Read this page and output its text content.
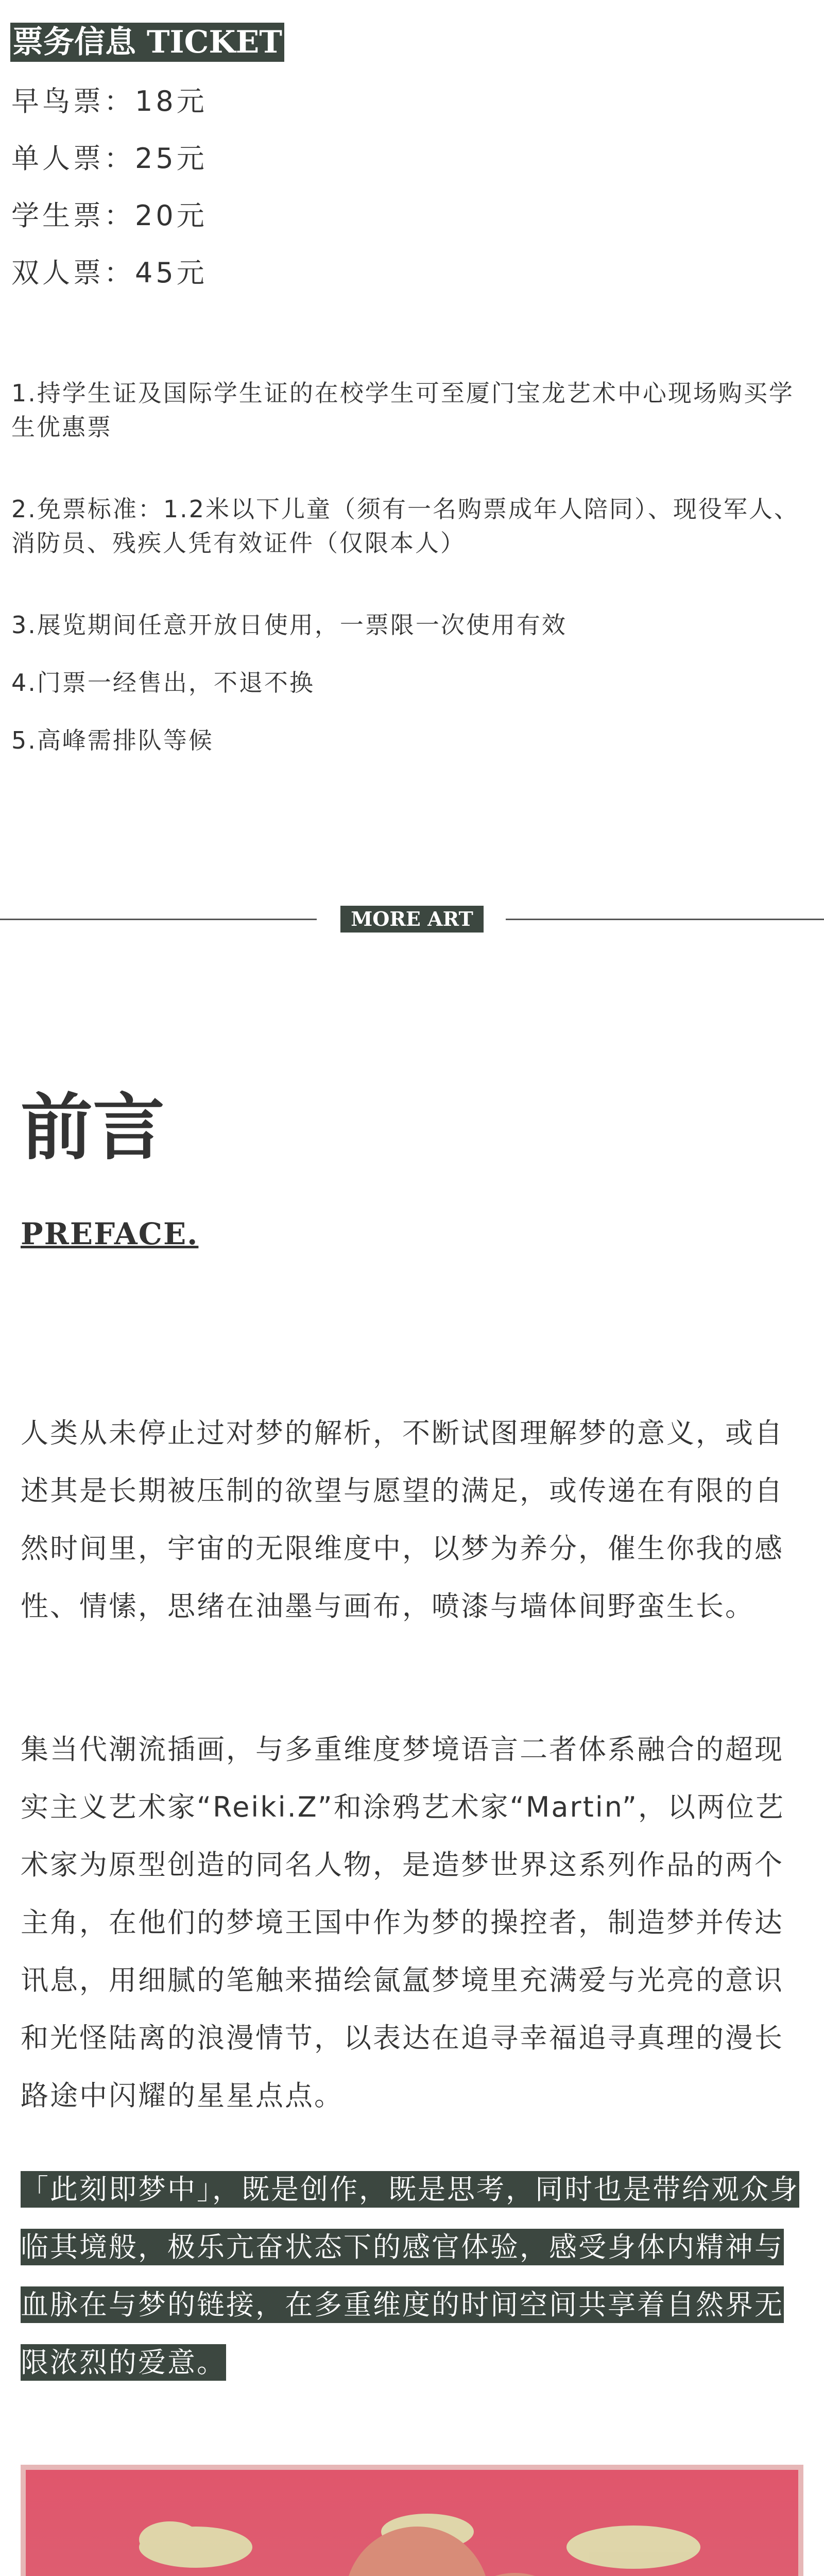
票务信息 TICKET
早鸟票：18元
单人票：25元
学生票：20元
双人票：45元
1.持学生证及国际学生证的在校学生可至厦门宝龙艺术中心现场购买学生优惠票
2.免票标准：1.2米以下儿童（须有一名购票成年人陪同）、现役军人、消防员、残疾人凭有效证件（仅限本人）
3.展览期间任意开放日使用，一票限一次使用有效
4.门票一经售出，不退不换
5.高峰需排队等候
MORE ART
前言
PREFACE.
人类从未停止过对梦的解析，不断试图理解梦的意义，或自述其是长期被压制的欲望与愿望的满足，或传递在有限的自然时间里，宇宙的无限维度中，以梦为养分，催生你我的感性、情愫，思绪在油墨与画布，喷漆与墙体间野蛮生长。
集当代潮流插画，与多重维度梦境语言二者体系融合的超现实主义艺术家“Reiki.Z”和涂鸦艺术家“Martin”，以两位艺术家为原型创造的同名人物，是造梦世界这系列作品的两个主角，在他们的梦境王国中作为梦的操控者，制造梦并传达讯息，用细腻的笔触来描绘氤氲梦境里充满爱与光亮的意识和光怪陆离的浪漫情节，以表达在追寻幸福追寻真理的漫长路途中闪耀的星星点点。
「此刻即梦中」，既是创作，既是思考，同时也是带给观众身临其境般，极乐亢奋状态下的感官体验，感受身体内精神与血脉在与梦的链接，在多重维度的时间空间共享着自然界无限浓烈的爱意。
